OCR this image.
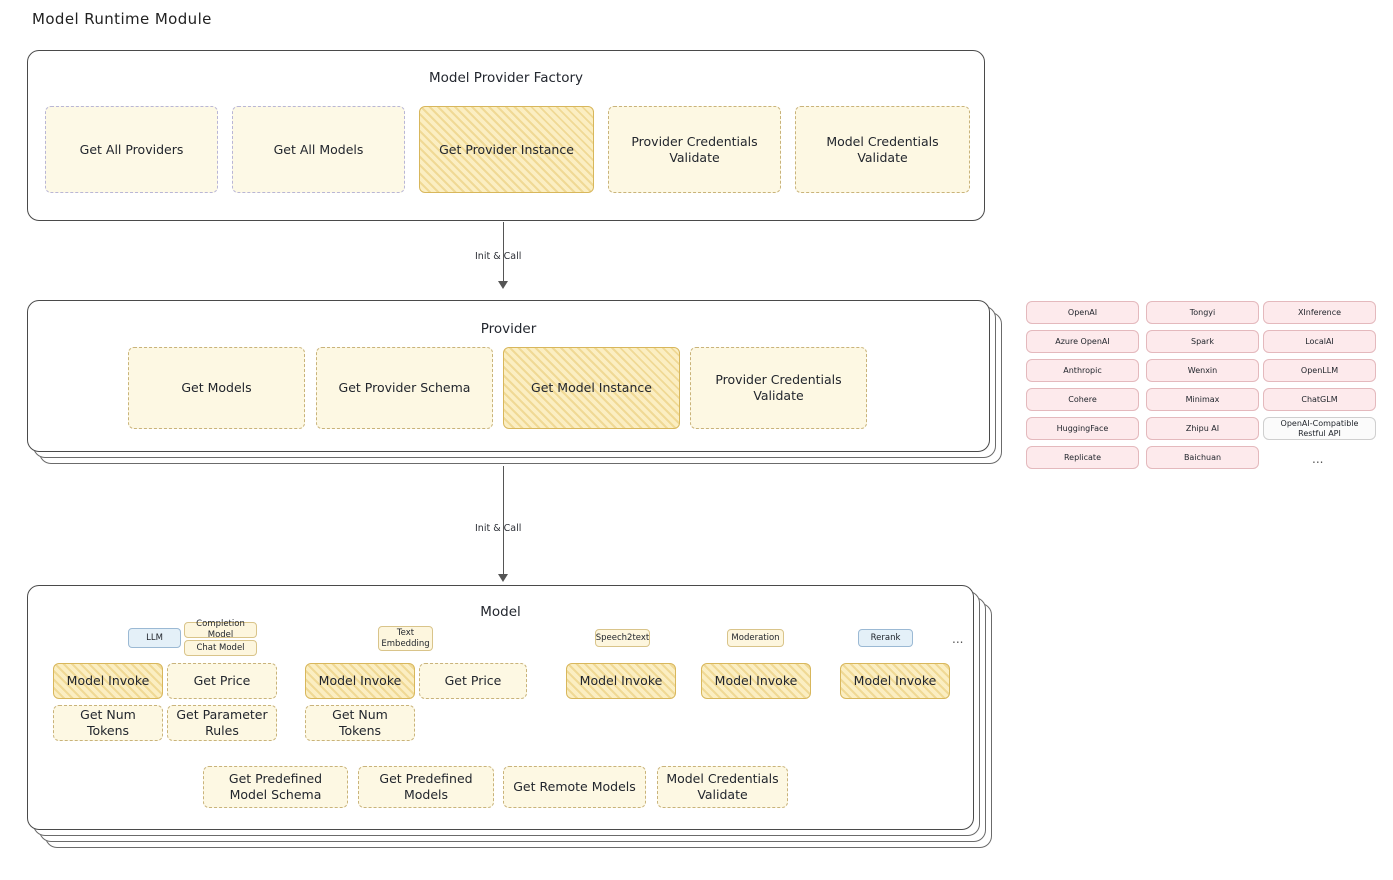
Model Runtime Module
Model Provider Factory
Get All Providers	Get All Models	Get Provider Instance
Provider Credentials Validate
Model Credentials Validate
Init & Call
Provider
Get Models	Get Provider Schema	Get Model Instance
Provider Credentials Validate
OpenAI
Azure OpenAI
Anthropic
Cohere
HuggingFace
Replicate
Tongyi
Spark
Wenxin
Minimax
Zhipu AI
Baichuan
XInference
LocalAI
OpenLLM
ChatGLM
OpenAI-Compatible Restful API
...
Init & Call
Model
LLM
Completion Model
Chat Model
Text Embedding
Speech2text	Moderation	Rerank	...
Model Invoke	Get Price
Get Num Tokens
Get Parameter Rules
Model Invoke	Get Price
Get Num Tokens
Model Invoke	Model Invoke	Model Invoke
Get Predefined Model Schema
Get Predefined Models
Get Remote Models
Model Credentials Validate
